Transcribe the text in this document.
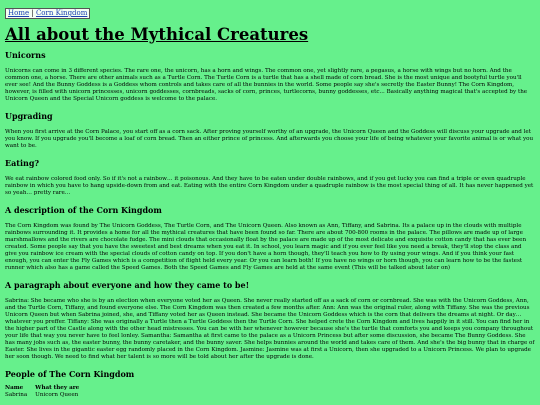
Home | Corn Kingdom
All about the Mythical Creatures
Unicorns

Unicorns can come in 3 different species. The rare one, the unicorn, has a horn and wings. The common one, yet slightly rare, a pegasus, a horse with wings but no horn. And the common one, a horse. There are other animals such as a Turtle Corn. The Turtle Corn is a turtle that has a shell made of corn bread. She is the most unique and bootyful turtle you'll ever see! And the Bunny Goddess is a Goddess whom controls and takes care of all the bunnies in the world. Some people say she's secretly the Easter Bunny! The Corn Kingdom, however, is filled with unicorn princesses, unicorn goddesses, cornbreads, sacks of corn, princes, turtlecorns, bunny goddesses, etc... Basically anything magical that's accepted by the Unicorn Queen and the Special Unicorn goddess is welcome to the palace.

Upgrading

When you first arrive at the Corn Palace, you start off as a corn sack. After proving yourself worthy of an upgrade, the Unicorn Queen and the Goddess will discuss your upgrade and let you know. If you upgrade you'll become a loaf of corn bread. Then an either prince of princess. And afterwards you choose your life of being whatever your favorite animal is or what you want to be.

Eating?

We eat rainbow colored food only. So if it's not a rainbow… it poisonous. And they have to be eaten under double rainbows, and if you get lucky you can find a triple or even quadruple rainbow in which you have to hang upside-down from and eat. Eating with the entire Corn Kingdom under a quadruple rainbow is the most special thing of all. It has never happened yet so yeah… pretty rare…

A description of the Corn Kingdom

The Corn Kingdom was found by The Unicorn Goddess, The Turtle Corn, and The Unicorn Queen. Also known as Ann, Tiffany, and Sabrina. Its a palace up in the clouds with multiple rainbows surrounding it. It provides a home for all the mythical creatures that have been found so far. There are about 700-800 rooms in the palace. The pillows are made up of large marshmallows and the rivers are chocolate fudge. The mini clouds that occasionally float by the palace are made up of the most delicate and exquisite cotton candy that has ever been created. Some people say that you have the sweetest and best dreams when you eat it. In school, you learn magic and if you ever feel like you need a break, they'll stop the class and give you rainbow ice cream with the special clouds of cotton candy on top. If you don't have a horn though, they'll teach you how to fly using your wings. And if you think your fast enough, you can enter the Fly Games which is a competition of flight held every year. Or you can learn both! If you have no wings or horn though, you can learn how to be the fastest runner which also has a game called the Speed Games. Both the Speed Games and Fly Games are held at the same event (This will be talked about later on)

A paragraph about everyone and how they came to be!

Sabrina: She became who she is by an election when everyone voted her as Queen. She never really started off as a sack of corn or cornbread. She was with the Unicorn Goddess, Ann, and the Turtle Corn, Tiffany, and found everyone else. The Corn Kingdom was then created a few months after. Ann: Ann was the original ruler, along with Tiffany. She was the previous Unicorn Queen but when Sabrina joined, she, and Tiffany voted her as Queen instead. She became the Unicorn Goddess which is the corn that delivers the dreams at night. Or day… whatever you preffer. Tiffany: She was originally a Turtle then a Turtle Goddess then the Turtle Corn. She helped crete the Corn Kingdom and lives happily in it still. You can find her in the higher part of the Castle along with the other head mistresses. You can be with her whenever however because she's the turtle that comforts you and keeps you company throughout your life that way you never have to feel lonley. Samantha: Samantha at first came to the palace as a Unicorn Princess but after some discussion, she became The Bunny Goddess. She has many jobs such as, the easter bunny, the bunny caretaker, and the bunny saver. She helps bunnies around the world and takes care of them. And she's the big bunny that in charge of Easter. She lives in the gigantic easter egg randomly placed in the Corn Kingdom. Jasmine: Jasmine was at first a Unicorn, then she upgraded to a Unicorn Princess. We plan to upgrade her soon though. We need to find what her talent is so more will be told about her after the upgrade is done.

People of The Corn Kingdom
Name	What they are
Sabrina	Unicorn Queen
